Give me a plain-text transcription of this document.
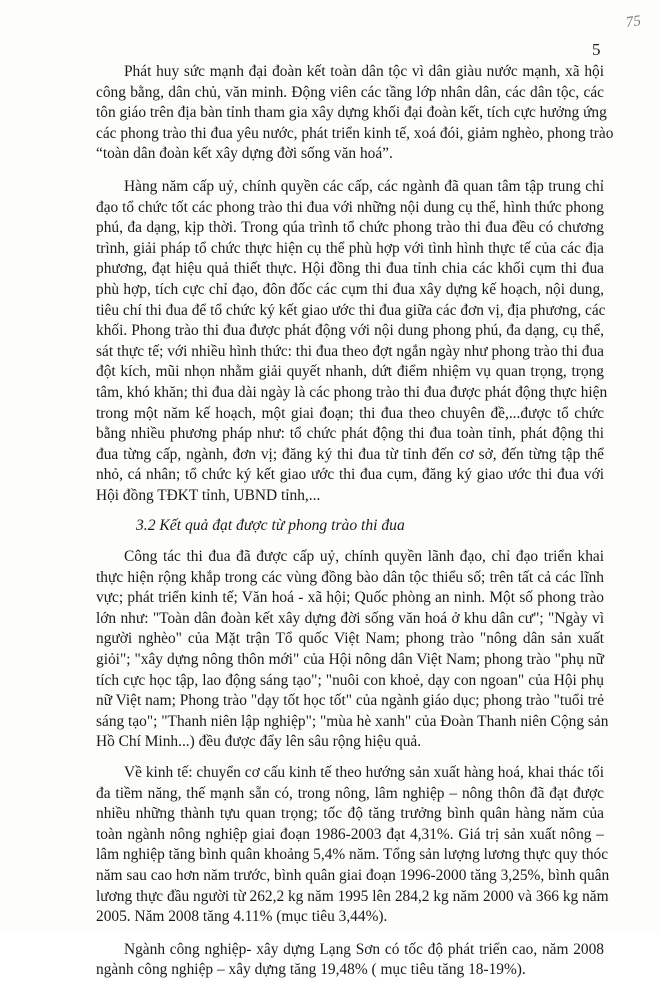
75
5
Phát huy sức mạnh đại đoàn kết toàn dân tộc vì dân giàu nước mạnh, xã hội
công bằng, dân chủ, văn minh. Động viên các tầng lớp nhân dân, các dân tộc, các
tôn giáo trên địa bàn tỉnh tham gia xây dựng khối đại đoàn kết, tích cực hưởng ứng
các phong trào thi đua yêu nước, phát triển kinh tế, xoá đói, giảm nghèo, phong trào
“toàn dân đoàn kết xây dựng đời sống văn hoá”.
Hàng năm cấp uỷ, chính quyền các cấp, các ngành đã quan tâm tập trung chỉ
đạo tổ chức tốt các phong trào thi đua với những nội dung cụ thể, hình thức phong
phú, đa dạng, kịp thời. Trong qúa trình tổ chức phong trào thi đua đều có chương
trình, giải pháp tổ chức thực hiện cụ thể phù hợp với tình hình thực tế của các địa
phương, đạt hiệu quả thiết thực. Hội đồng thi đua tỉnh chia các khối cụm thi đua
phù hợp, tích cực chỉ đạo, đôn đốc các cụm thi đua xây dựng kế hoạch, nội dung,
tiêu chí thi đua để tổ chức ký kết giao ước thi đua giữa các đơn vị, địa phương, các
khối. Phong trào thi đua được phát động với nội dung phong phú, đa dạng, cụ thể,
sát thực tế; với nhiều hình thức: thi đua theo đợt ngắn ngày như phong trào thi đua
đột kích, mũi nhọn nhằm giải quyết nhanh, dứt điểm nhiệm vụ quan trọng, trọng
tâm, khó khăn; thi đua dài ngày là các phong trào thi đua được phát động thực hiện
trong một năm kế hoạch, một giai đoạn; thi đua theo chuyên đề,...được tổ chức
bằng nhiều phương pháp như: tổ chức phát động thi đua toàn tỉnh, phát động thi
đua từng cấp, ngành, đơn vị; đăng ký thi đua từ tỉnh đến cơ sở, đến từng tập thể
nhỏ, cá nhân; tổ chức ký kết giao ước thi đua cụm, đăng ký giao ước thi đua với
Hội đồng TĐKT tỉnh, UBND tỉnh,...
3.2 Kết quả đạt được từ phong trào thi đua
Công tác thi đua đã được cấp uỷ, chính quyền lãnh đạo, chỉ đạo triển khai
thực hiện rộng khắp trong các vùng đồng bào dân tộc thiểu số; trên tất cả các lĩnh
vực; phát triển kinh tế; Văn hoá - xã hội; Quốc phòng an ninh. Một số phong trào
lớn như: "Toàn dân đoàn kết xây dựng đời sống văn hoá ở khu dân cư"; "Ngày vì
người nghèo" của Mặt trận Tổ quốc Việt Nam; phong trào "nông dân sản xuất
giỏi"; "xây dựng nông thôn mới" của Hội nông dân Việt Nam; phong trào "phụ nữ
tích cực học tập, lao động sáng tạo"; "nuôi con khoẻ, dạy con ngoan" của Hội phụ
nữ Việt nam; Phong trào "dạy tốt học tốt" của ngành giáo dục; phong trào "tuổi trẻ
sáng tạo"; "Thanh niên lập nghiệp"; "mùa hè xanh" của Đoàn Thanh niên Cộng sản
Hồ Chí Minh...) đều được đẩy lên sâu rộng hiệu quả.
Về kinh tế: chuyển cơ cấu kinh tế theo hướng sản xuất hàng hoá, khai thác tối
đa tiềm năng, thế mạnh sẵn có, trong nông, lâm nghiệp – nông thôn đã đạt được
nhiều những thành tựu quan trọng; tốc độ tăng trưởng bình quân hàng năm của
toàn ngành nông nghiệp giai đoạn 1986-2003 đạt 4,31%. Giá trị sản xuất nông –
lâm nghiệp tăng bình quân khoảng 5,4% năm. Tổng sản lượng lương thực quy thóc
năm sau cao hơn năm trước, bình quân giai đoạn 1996-2000 tăng 3,25%, bình quân
lương thực đầu người từ 262,2 kg năm 1995 lên 284,2 kg năm 2000 và 366 kg năm
2005. Năm 2008 tăng 4.11% (mục tiêu 3,44%).
Ngành công nghiệp- xây dựng Lạng Sơn có tốc độ phát triển cao, năm 2008
ngành công nghiệp – xây dựng tăng 19,48% ( mục tiêu tăng 18-19%).
